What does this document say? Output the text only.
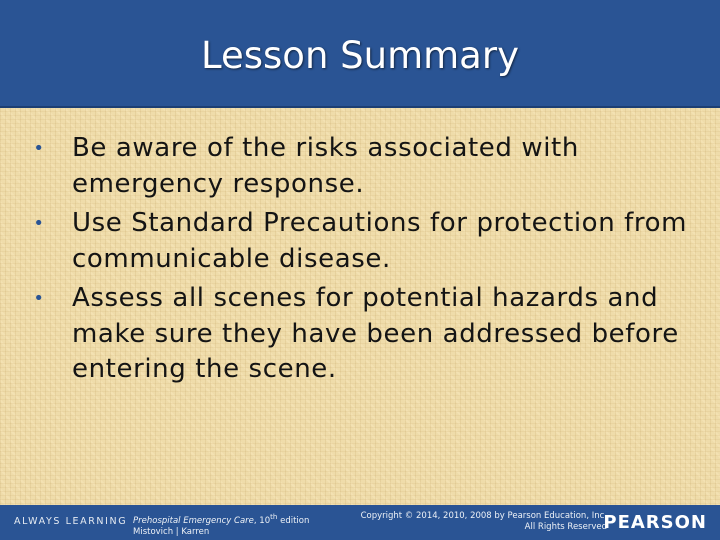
Lesson Summary
• Be aware of the risks associated with emergency response.
• Use Standard Precautions for protection from communicable disease.
• Assess all scenes for potential hazards and make sure they have been addressed before entering the scene.
ALWAYS LEARNING Prehospital Emergency Care, 10th edition
Mistovich | Karren
Copyright © 2014, 2010, 2008 by Pearson Education, Inc.
All Rights Reserved
PEARSON
